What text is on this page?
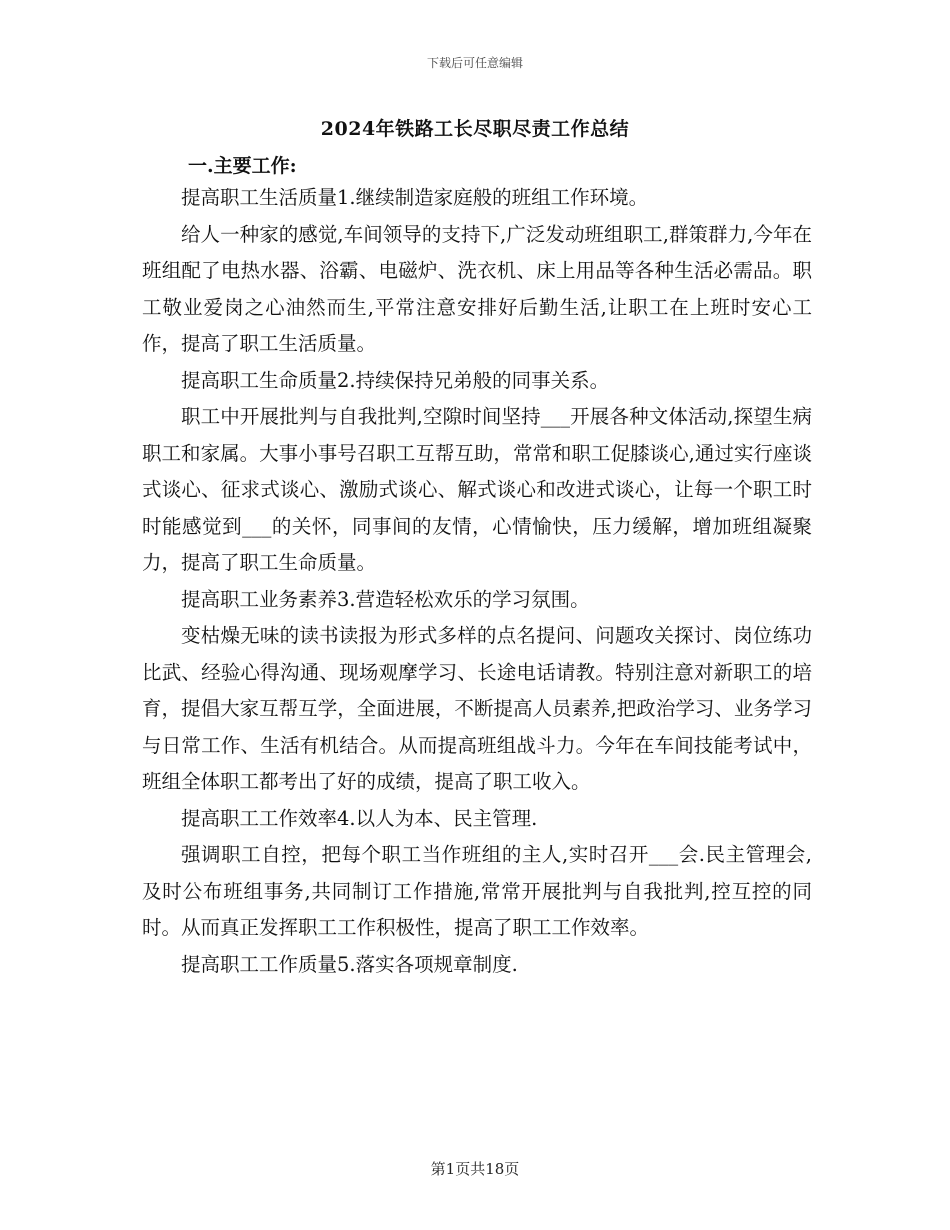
下载后可任意编辑
2024年铁路工长尽职尽责工作总结
一.主要工作:

提高职工生活质量1.继续制造家庭般的班组工作环境。

给人一种家的感觉,车间领导的支持下,广泛发动班组职工,群策群力,今年在班组配了电热水器、浴霸、电磁炉、洗衣机、床上用品等各种生活必需品。职工敬业爱岗之心油然而生,平常注意安排好后勤生活,让职工在上班时安心工作，提高了职工生活质量。

提高职工生命质量2.持续保持兄弟般的同事关系。

职工中开展批判与自我批判,空隙时间坚持___开展各种文体活动,探望生病职工和家属。大事小事号召职工互帮互助，常常和职工促膝谈心,通过实行座谈式谈心、征求式谈心、激励式谈心、解式谈心和改进式谈心，让每一个职工时时能感觉到___的关怀，同事间的友情，心情愉快，压力缓解，增加班组凝聚力，提高了职工生命质量。

提高职工业务素养3.营造轻松欢乐的学习氛围。

变枯燥无味的读书读报为形式多样的点名提问、问题攻关探讨、岗位练功比武、经验心得沟通、现场观摩学习、长途电话请教。特别注意对新职工的培育，提倡大家互帮互学，全面进展，不断提高人员素养,把政治学习、业务学习与日常工作、生活有机结合。从而提高班组战斗力。今年在车间技能考试中，班组全体职工都考出了好的成绩，提高了职工收入。

提高职工工作效率4.以人为本、民主管理.

强调职工自控，把每个职工当作班组的主人,实时召开___会.民主管理会,及时公布班组事务,共同制订工作措施,常常开展批判与自我批判,控互控的同时。从而真正发挥职工工作积极性，提高了职工工作效率。

提高职工工作质量5.落实各项规章制度.

第1页共18页
